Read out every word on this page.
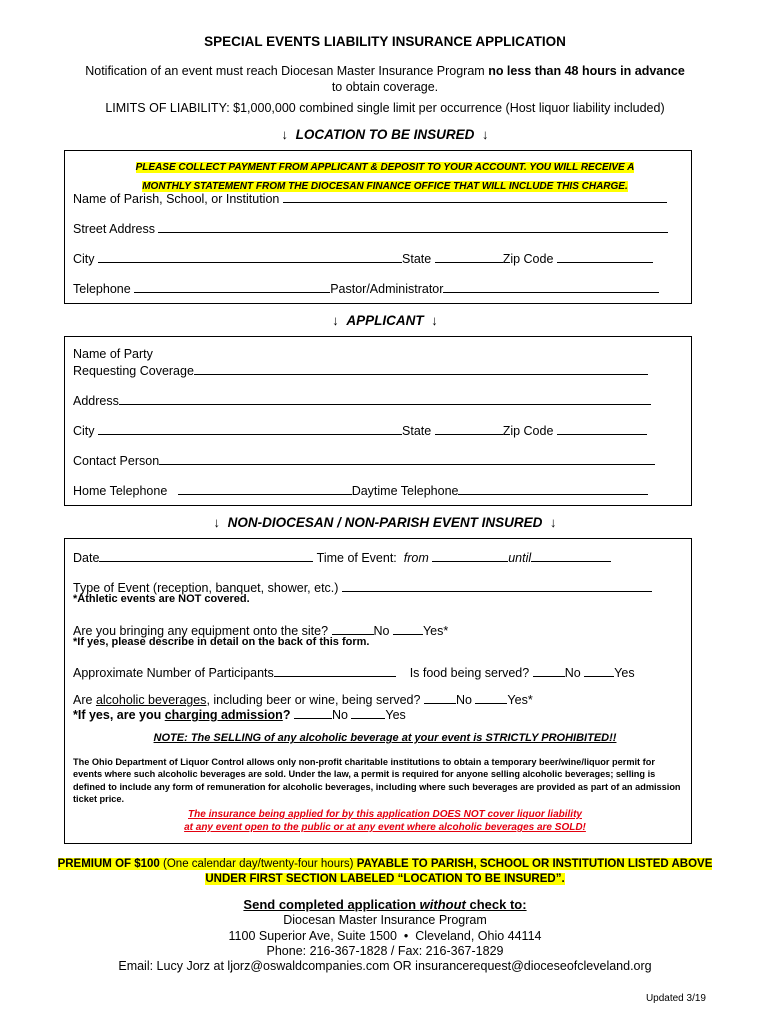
SPECIAL EVENTS LIABILITY INSURANCE APPLICATION
Notification of an event must reach Diocesan Master Insurance Program no less than 48 hours in advance
to obtain coverage.
LIMITS OF LIABILITY: $1,000,000 combined single limit per occurrence (Host liquor liability included)
↓ LOCATION TO BE INSURED ↓
PLEASE COLLECT PAYMENT FROM APPLICANT & DEPOSIT TO YOUR ACCOUNT. YOU WILL RECEIVE A
MONTHLY STATEMENT FROM THE DIOCESAN FINANCE OFFICE THAT WILL INCLUDE THIS CHARGE.
Name of Parish, School, or Institution
Street Address
City	State	Zip Code
Telephone	Pastor/Administrator
↓ APPLICANT ↓
Name of Party
Requesting Coverage
Address
City	State	Zip Code
Contact Person
Home Telephone	Daytime Telephone
↓ NON-DIOCESAN / NON-PARISH EVENT INSURED ↓
Date	Time of Event: from	until
Type of Event (reception, banquet, shower, etc.)
*Athletic events are NOT covered.
Are you bringing any equipment onto the site?	No	Yes*
*If yes, please describe in detail on the back of this form.
Approximate Number of Participants	Is food being served?	No	Yes
Are alcoholic beverages, including beer or wine, being served?	No	Yes*
*If yes, are you charging admission?	No	Yes
NOTE: The SELLING of any alcoholic beverage at your event is STRICTLY PROHIBITED!!
The Ohio Department of Liquor Control allows only non-profit charitable institutions to obtain a temporary beer/wine/liquor permit for events where such alcoholic beverages are sold. Under the law, a permit is required for anyone selling alcoholic beverages; selling is defined to include any form of remuneration for alcoholic beverages, including where such beverages are provided as part of an admission ticket price.
The insurance being applied for by this application DOES NOT cover liquor liability
at any event open to the public or at any event where alcoholic beverages are SOLD!
PREMIUM OF $100 (One calendar day/twenty-four hours) PAYABLE TO PARISH, SCHOOL OR INSTITUTION LISTED ABOVE
UNDER FIRST SECTION LABELED “LOCATION TO BE INSURED”.
Send completed application without check to:
Diocesan Master Insurance Program
1100 Superior Ave, Suite 1500 • Cleveland, Ohio 44114
Phone: 216-367-1828 / Fax: 216-367-1829
Email: Lucy Jorz at ljorz@oswaldcompanies.com OR insurancerequest@dioceseofcleveland.org
Updated 3/19
